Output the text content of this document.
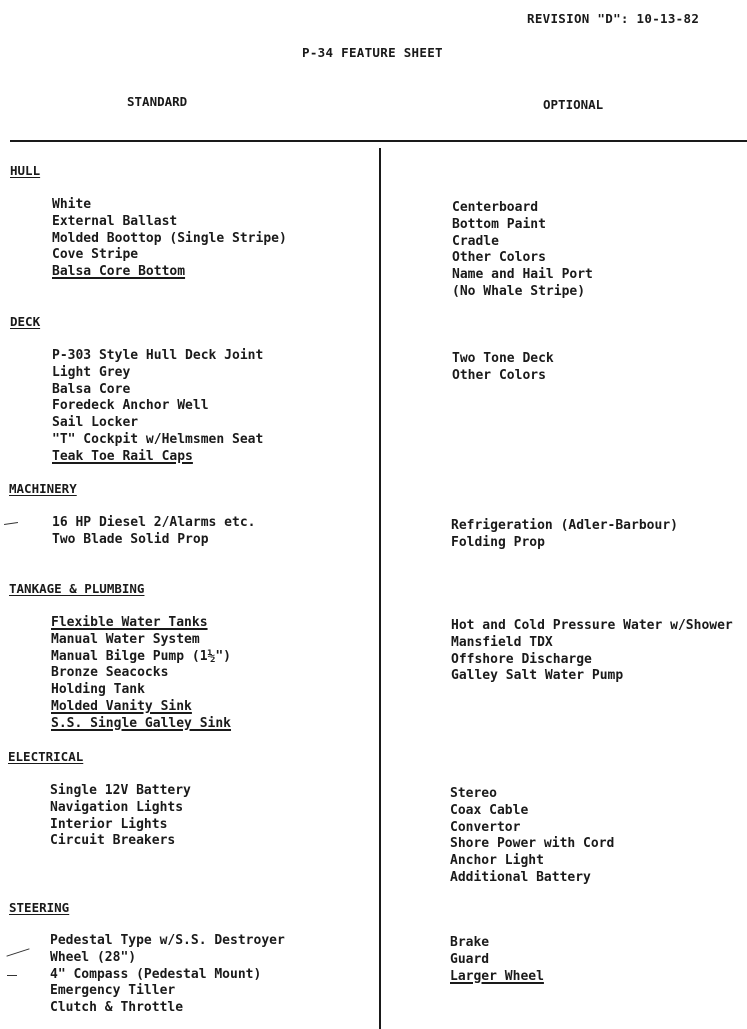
REVISION "D": 10-13-82
P-34 FEATURE SHEET
STANDARD	OPTIONAL
HULL
White
External Ballast
Molded Boottop (Single Stripe)
Cove Stripe
Balsa Core Bottom
Centerboard
Bottom Paint
Cradle
Other Colors
Name and Hail Port
(No Whale Stripe)
DECK
P-303 Style Hull Deck Joint
Light Grey
Balsa Core
Foredeck Anchor Well
Sail Locker
"T" Cockpit w/Helmsmen Seat
Teak Toe Rail Caps
Two Tone Deck
Other Colors
MACHINERY
16 HP Diesel 2/Alarms etc.
Two Blade Solid Prop
Refrigeration (Adler-Barbour)
Folding Prop
TANKAGE & PLUMBING
Flexible Water Tanks
Manual Water System
Manual Bilge Pump (1½")
Bronze Seacocks
Holding Tank
Molded Vanity Sink
S.S. Single Galley Sink
Hot and Cold Pressure Water w/Shower
Mansfield TDX
Offshore Discharge
Galley Salt Water Pump
ELECTRICAL
Single 12V Battery
Navigation Lights
Interior Lights
Circuit Breakers
Stereo
Coax Cable
Convertor
Shore Power with Cord
Anchor Light
Additional Battery
STEERING
Pedestal Type w/S.S. Destroyer
Wheel (28")
4" Compass (Pedestal Mount)
Emergency Tiller
Clutch & Throttle
Brake
Guard
Larger Wheel
